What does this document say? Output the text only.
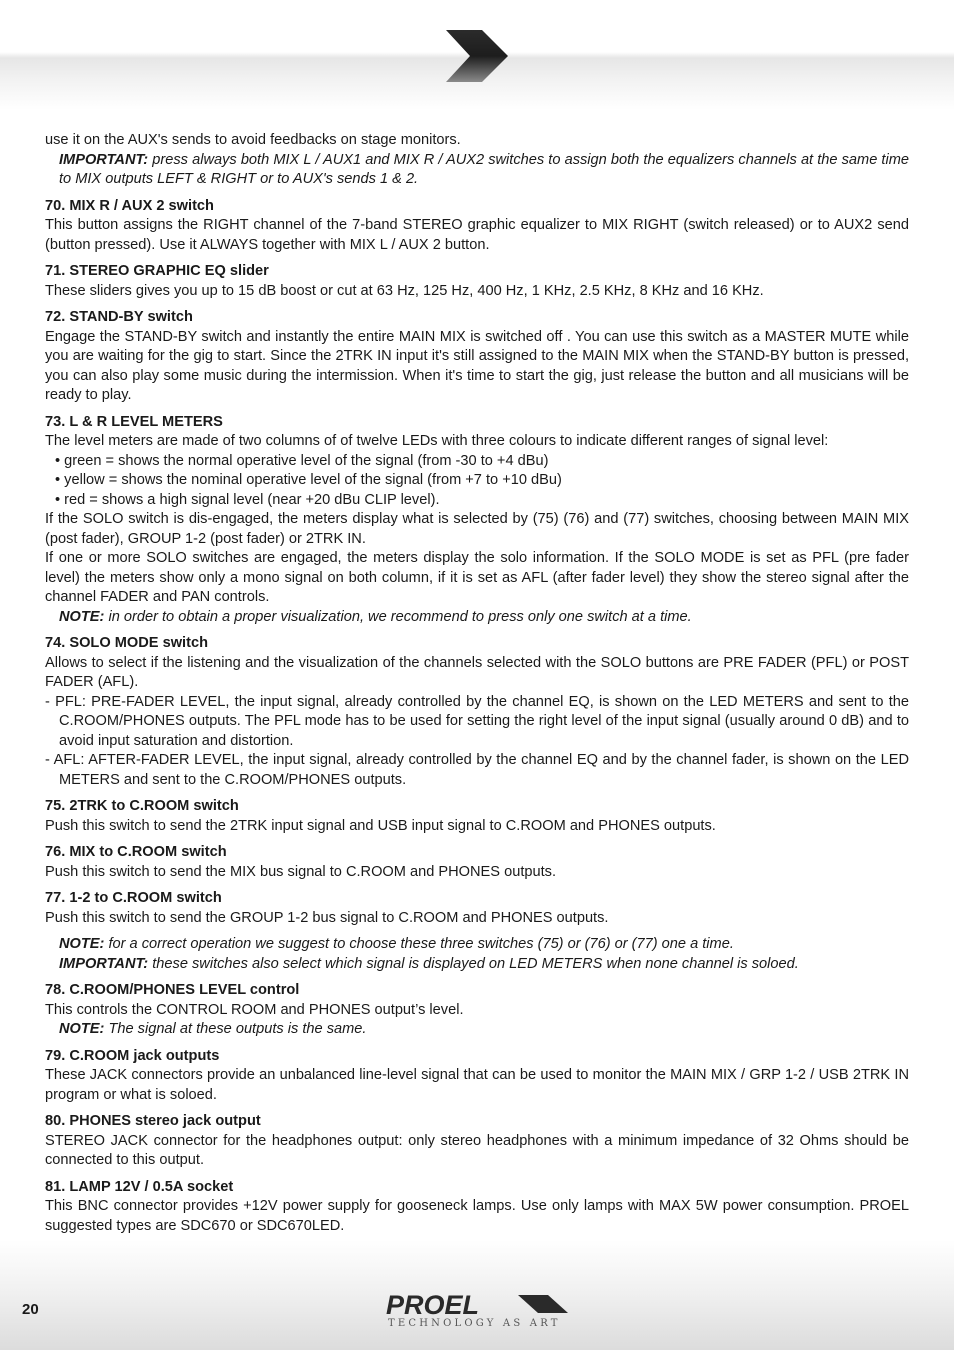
use it on the AUX's sends to avoid feedbacks on stage monitors.

IMPORTANT: press always both MIX L / AUX1 and MIX R / AUX2 switches to assign both the equalizers channels at the same time to MIX outputs LEFT & RIGHT or to AUX's sends 1 & 2.

70. MIX R / AUX 2 switch

This button assigns the RIGHT channel of the 7-band STEREO graphic equalizer to MIX RIGHT (switch released) or to AUX2 send (button pressed). Use it ALWAYS together with MIX L / AUX 2 button.

71. STEREO GRAPHIC EQ slider

These sliders gives you up to 15 dB boost or cut at 63 Hz, 125 Hz, 400 Hz, 1 KHz, 2.5 KHz, 8 KHz and 16 KHz.

72. STAND-BY switch

Engage the STAND-BY switch and instantly the entire MAIN MIX is switched off . You can use this switch as a MASTER MUTE while you are waiting for the gig to start. Since the 2TRK IN input it's still assigned to the MAIN MIX when the STAND-BY button is pressed, you can also play some music during the intermission. When it's time to start the gig, just release the button and all musicians will be ready to play.

73. L & R LEVEL METERS

The level meters are made of two columns of of twelve LEDs with three colours to indicate different ranges of signal level:

• green = shows the normal operative level of the signal (from -30 to +4 dBu)

• yellow = shows the nominal operative level of the signal (from +7 to +10 dBu)

• red = shows a high signal level (near +20 dBu CLIP level).

If the SOLO switch is dis-engaged, the meters display what is selected by (75) (76) and (77) switches, choosing between MAIN MIX (post fader), GROUP 1-2 (post fader) or 2TRK IN.

If one or more SOLO switches are engaged, the meters display the solo information. If the SOLO MODE is set as PFL (pre fader level) the meters show only a mono signal on both column, if it is set as AFL (after fader level) they show the stereo signal after the channel FADER and PAN controls.

NOTE: in order to obtain a proper visualization, we recommend to press only one switch at a time.

74. SOLO MODE switch

Allows to select if the listening and the visualization of the channels selected with the SOLO buttons are PRE FADER (PFL) or POST FADER (AFL).

- PFL: PRE-FADER LEVEL, the input signal, already controlled by the channel EQ, is shown on the LED METERS and sent to the C.ROOM/PHONES outputs. The PFL mode has to be used for setting the right level of the input signal (usually around 0 dB) and to avoid input saturation and distortion.

- AFL: AFTER-FADER LEVEL, the input signal, already controlled by the channel EQ and by the channel fader, is shown on the LED METERS and sent to the C.ROOM/PHONES outputs.

75. 2TRK to C.ROOM switch

Push this switch to send the 2TRK input signal and USB input signal to C.ROOM and PHONES outputs.

76. MIX to C.ROOM switch

Push this switch to send the MIX bus signal to C.ROOM and PHONES outputs.

77. 1-2 to C.ROOM switch

Push this switch to send the GROUP 1-2 bus signal to C.ROOM and PHONES outputs.

NOTE: for a correct operation we suggest to choose these three switches (75) or (76) or (77) one a time.

IMPORTANT: these switches also select which signal is displayed on LED METERS when none channel is soloed.

78. C.ROOM/PHONES LEVEL control

This controls the CONTROL ROOM and PHONES output’s level.

NOTE: The signal at these outputs is the same.

79. C.ROOM jack outputs

These JACK connectors provide an unbalanced line-level signal that can be used to monitor the MAIN MIX / GRP 1-2 / USB 2TRK IN program or what is soloed.

80. PHONES stereo jack output

STEREO JACK connector for the headphones output: only stereo headphones with a minimum impedance of 32 Ohms should be connected to this output.

81. LAMP 12V / 0.5A socket

This BNC connector provides +12V power supply for gooseneck lamps. Use only lamps with MAX 5W power consumption. PROEL suggested types are SDC670 or SDC670LED.

20	PROEL
TECHNOLOGY AS ART
